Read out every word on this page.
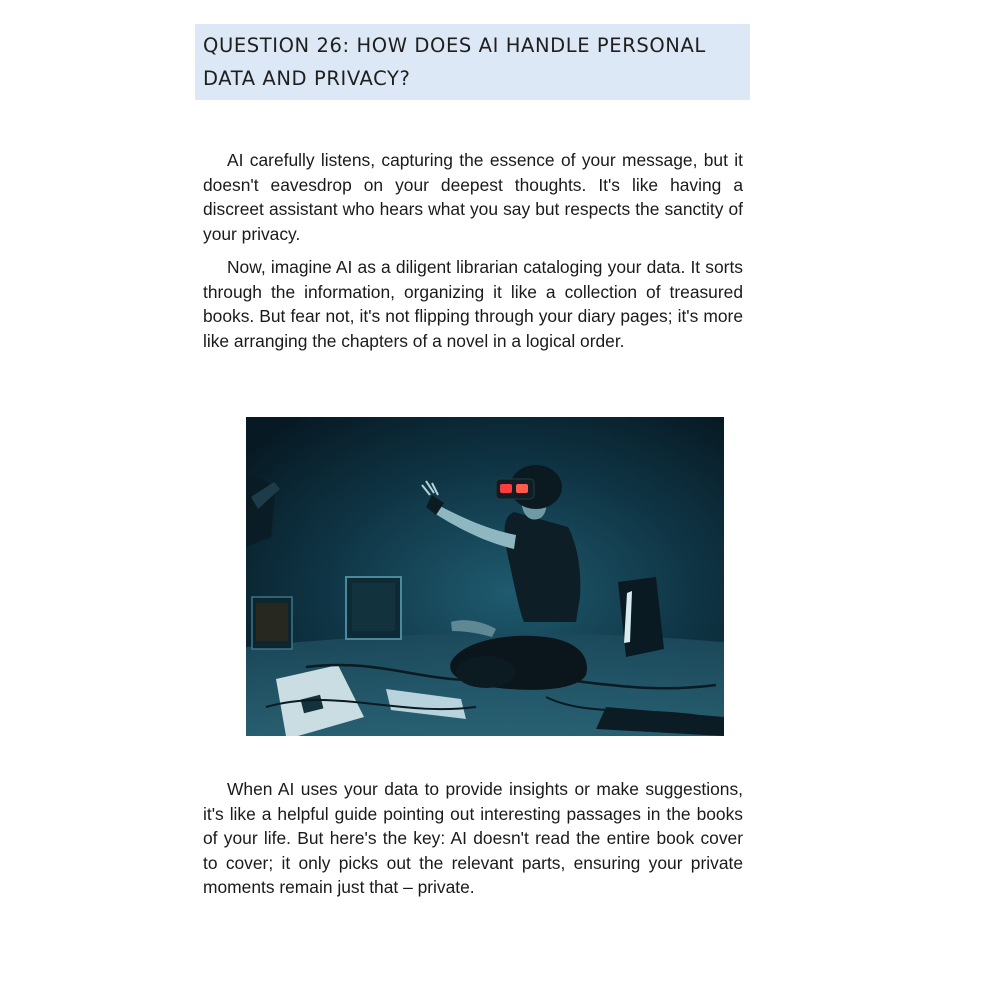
QUESTION 26: HOW DOES AI HANDLE PERSONAL

DATA AND PRIVACY?

AI carefully listens, capturing the essence of your message, but it doesn't eavesdrop on your deepest thoughts. It's like having a discreet assistant who hears what you say but respects the sanctity of your privacy.

Now, imagine AI as a diligent librarian cataloging your data. It sorts through the information, organizing it like a collection of treasured books. But fear not, it's not flipping through your diary pages; it's more like arranging the chapters of a novel in a logical order.

When AI uses your data to provide insights or make suggestions, it's like a helpful guide pointing out interesting passages in the books of your life. But here's the key: AI doesn't read the entire book cover to cover; it only picks out the relevant parts, ensuring your private moments remain just that – private.
